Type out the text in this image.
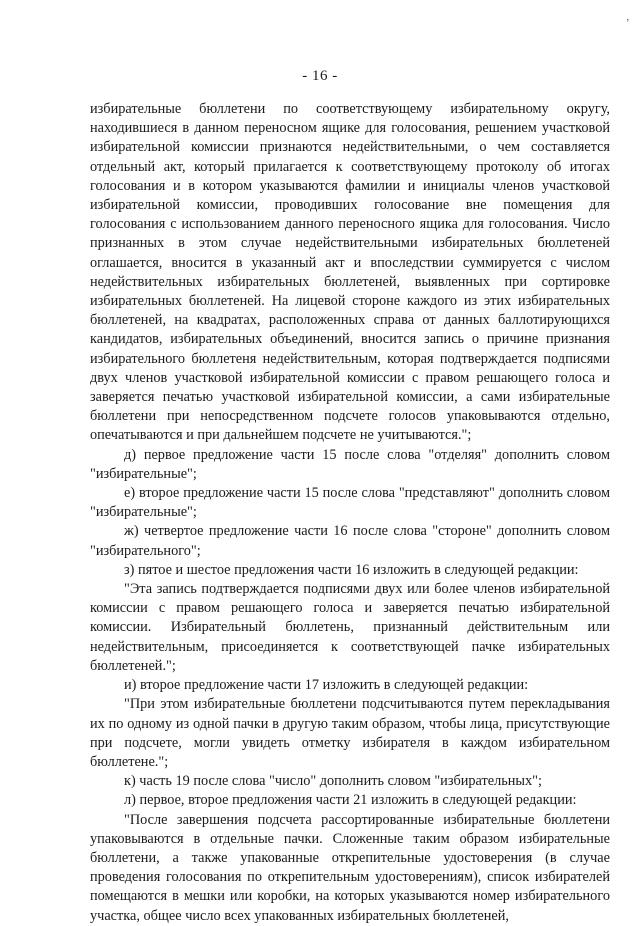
ʼ
- 16 -

избирательные бюллетени по соответствующему избирательному округу, находившиеся в данном переносном ящике для голосования, решением участковой избирательной комиссии признаются недействительными, о чем составляется отдельный акт, который прилагается к соответствующему протоколу об итогах голосования и в котором указываются фамилии и инициалы членов участковой избирательной комиссии, проводивших голосование вне помещения для голосования с использованием данного переносного ящика для голосования. Число признанных в этом случае недействительными избирательных бюллетеней оглашается, вносится в указанный акт и впоследствии суммируется с числом недействительных избирательных бюллетеней, выявленных при сортировке избирательных бюллетеней. На лицевой стороне каждого из этих избирательных бюллетеней, на квадратах, расположенных справа от данных баллотирующихся кандидатов, избирательных объединений, вносится запись о причине признания избирательного бюллетеня недействительным, которая подтверждается подписями двух членов участковой избирательной комиссии с правом решающего голоса и заверяется печатью участковой избирательной комиссии, а сами избирательные бюллетени при непосредственном подсчете голосов упаковываются отдельно, опечатываются и при дальнейшем подсчете не учитываются.";

д) первое предложение части 15 после слова "отделяя" дополнить словом "избирательные";

е) второе предложение части 15 после слова "представляют" дополнить словом "избирательные";

ж) четвертое предложение части 16 после слова "стороне" дополнить словом "избирательного";

з) пятое и шестое предложения части 16 изложить в следующей редакции:

"Эта запись подтверждается подписями двух или более членов избирательной комиссии с правом решающего голоса и заверяется печатью избирательной комиссии. Избирательный бюллетень, признанный действительным или недействительным, присоединяется к соответствующей пачке избирательных бюллетеней.";

и) второе предложение части 17 изложить в следующей редакции:

"При этом избирательные бюллетени подсчитываются путем перекладывания их по одному из одной пачки в другую таким образом, чтобы лица, присутствующие при подсчете, могли увидеть отметку избирателя в каждом избирательном бюллетене.";

к) часть 19 после слова "число" дополнить словом "избирательных";

л) первое, второе предложения части 21 изложить в следующей редакции:

"После завершения подсчета рассортированные избирательные бюллетени упаковываются в отдельные пачки. Сложенные таким образом избирательные бюллетени, а также упакованные открепительные удостоверения (в случае проведения голосования по открепительным удостоверениям), список избирателей помещаются в мешки или коробки, на которых указываются номер избирательного участка, общее число всех упакованных избирательных бюллетеней,
